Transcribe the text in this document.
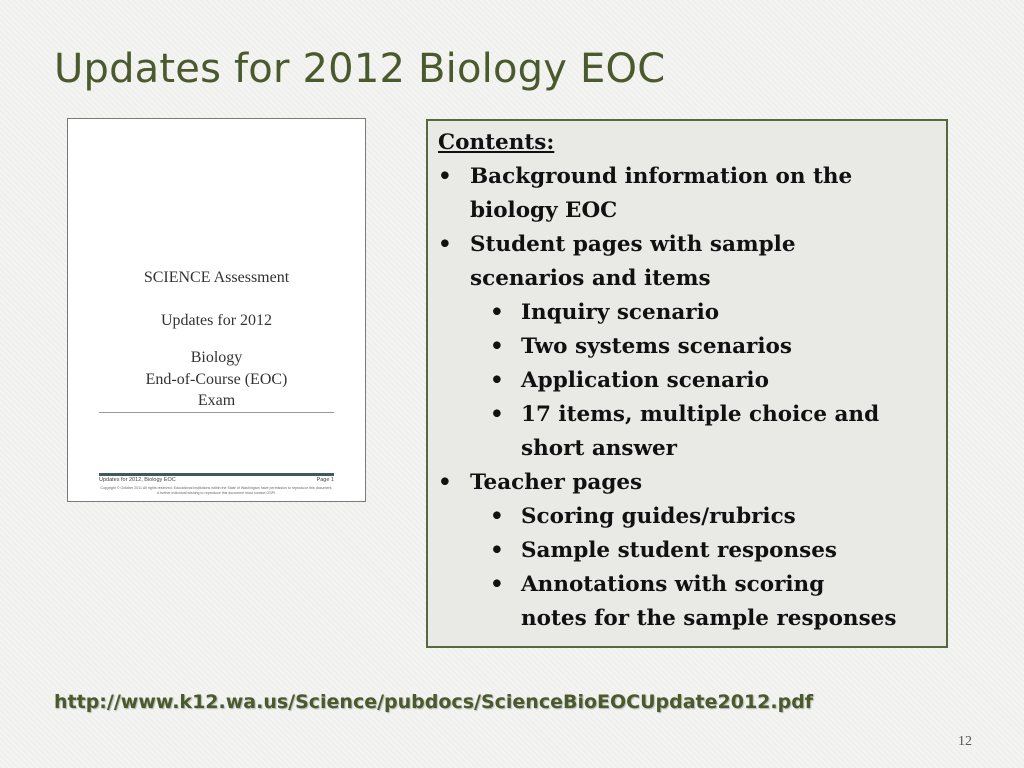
Updates for 2012 Biology EOC
SCIENCE Assessment
Updates for 2012
Biology
End-of-Course (EOC)
Exam
Updates for 2012, Biology EOC	Page 1
Copyright © October 2011 All rights reserved. Educational institutions within the State of Washington have permission to reproduce this document. A further individual wishing to reproduce this document must contact OSPI.
Contents:
• Background information on the
biology EOC
• Student pages with sample
scenarios and items
• Inquiry scenario
• Two systems scenarios
• Application scenario
• 17 items, multiple choice and
short answer
• Teacher pages
• Scoring guides/rubrics
• Sample student responses
• Annotations with scoring
notes for the sample responses
http://www.k12.wa.us/Science/pubdocs/ScienceBioEOCUpdate2012.pdf
12
